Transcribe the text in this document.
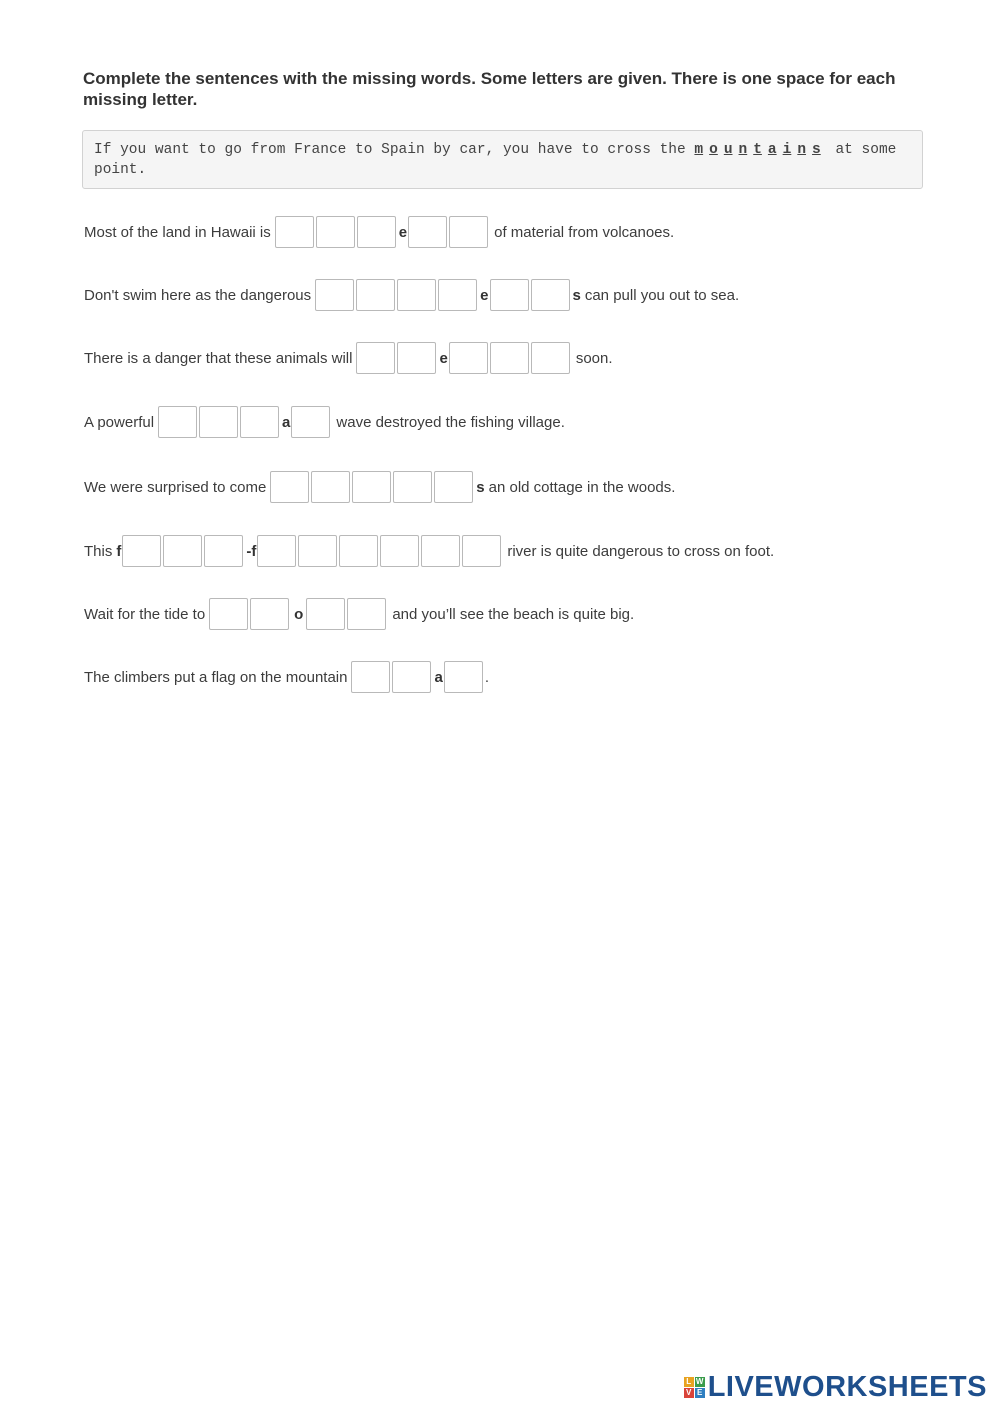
Complete the sentences with the missing words. Some letters are given. There is one space for each missing letter.
If you want to go from France to Spain by car, you have to cross the m o u n t a i n s at some point.
Most of the land in Hawaii is	e	of material from volcanoes.
Don't swim here as the dangerous	e	s can pull you out to sea.
There is a danger that these animals will	e	soon.
A powerful	a	wave destroyed the fishing village.
We were surprised to come	s an old cottage in the woods.
This f	-f	river is quite dangerous to cross on foot.
Wait for the tide to	o	and you’ll see the beach is quite big.
The climbers put a flag on the mountain	a	.
L W
V E LIVEWORKSHEETS
